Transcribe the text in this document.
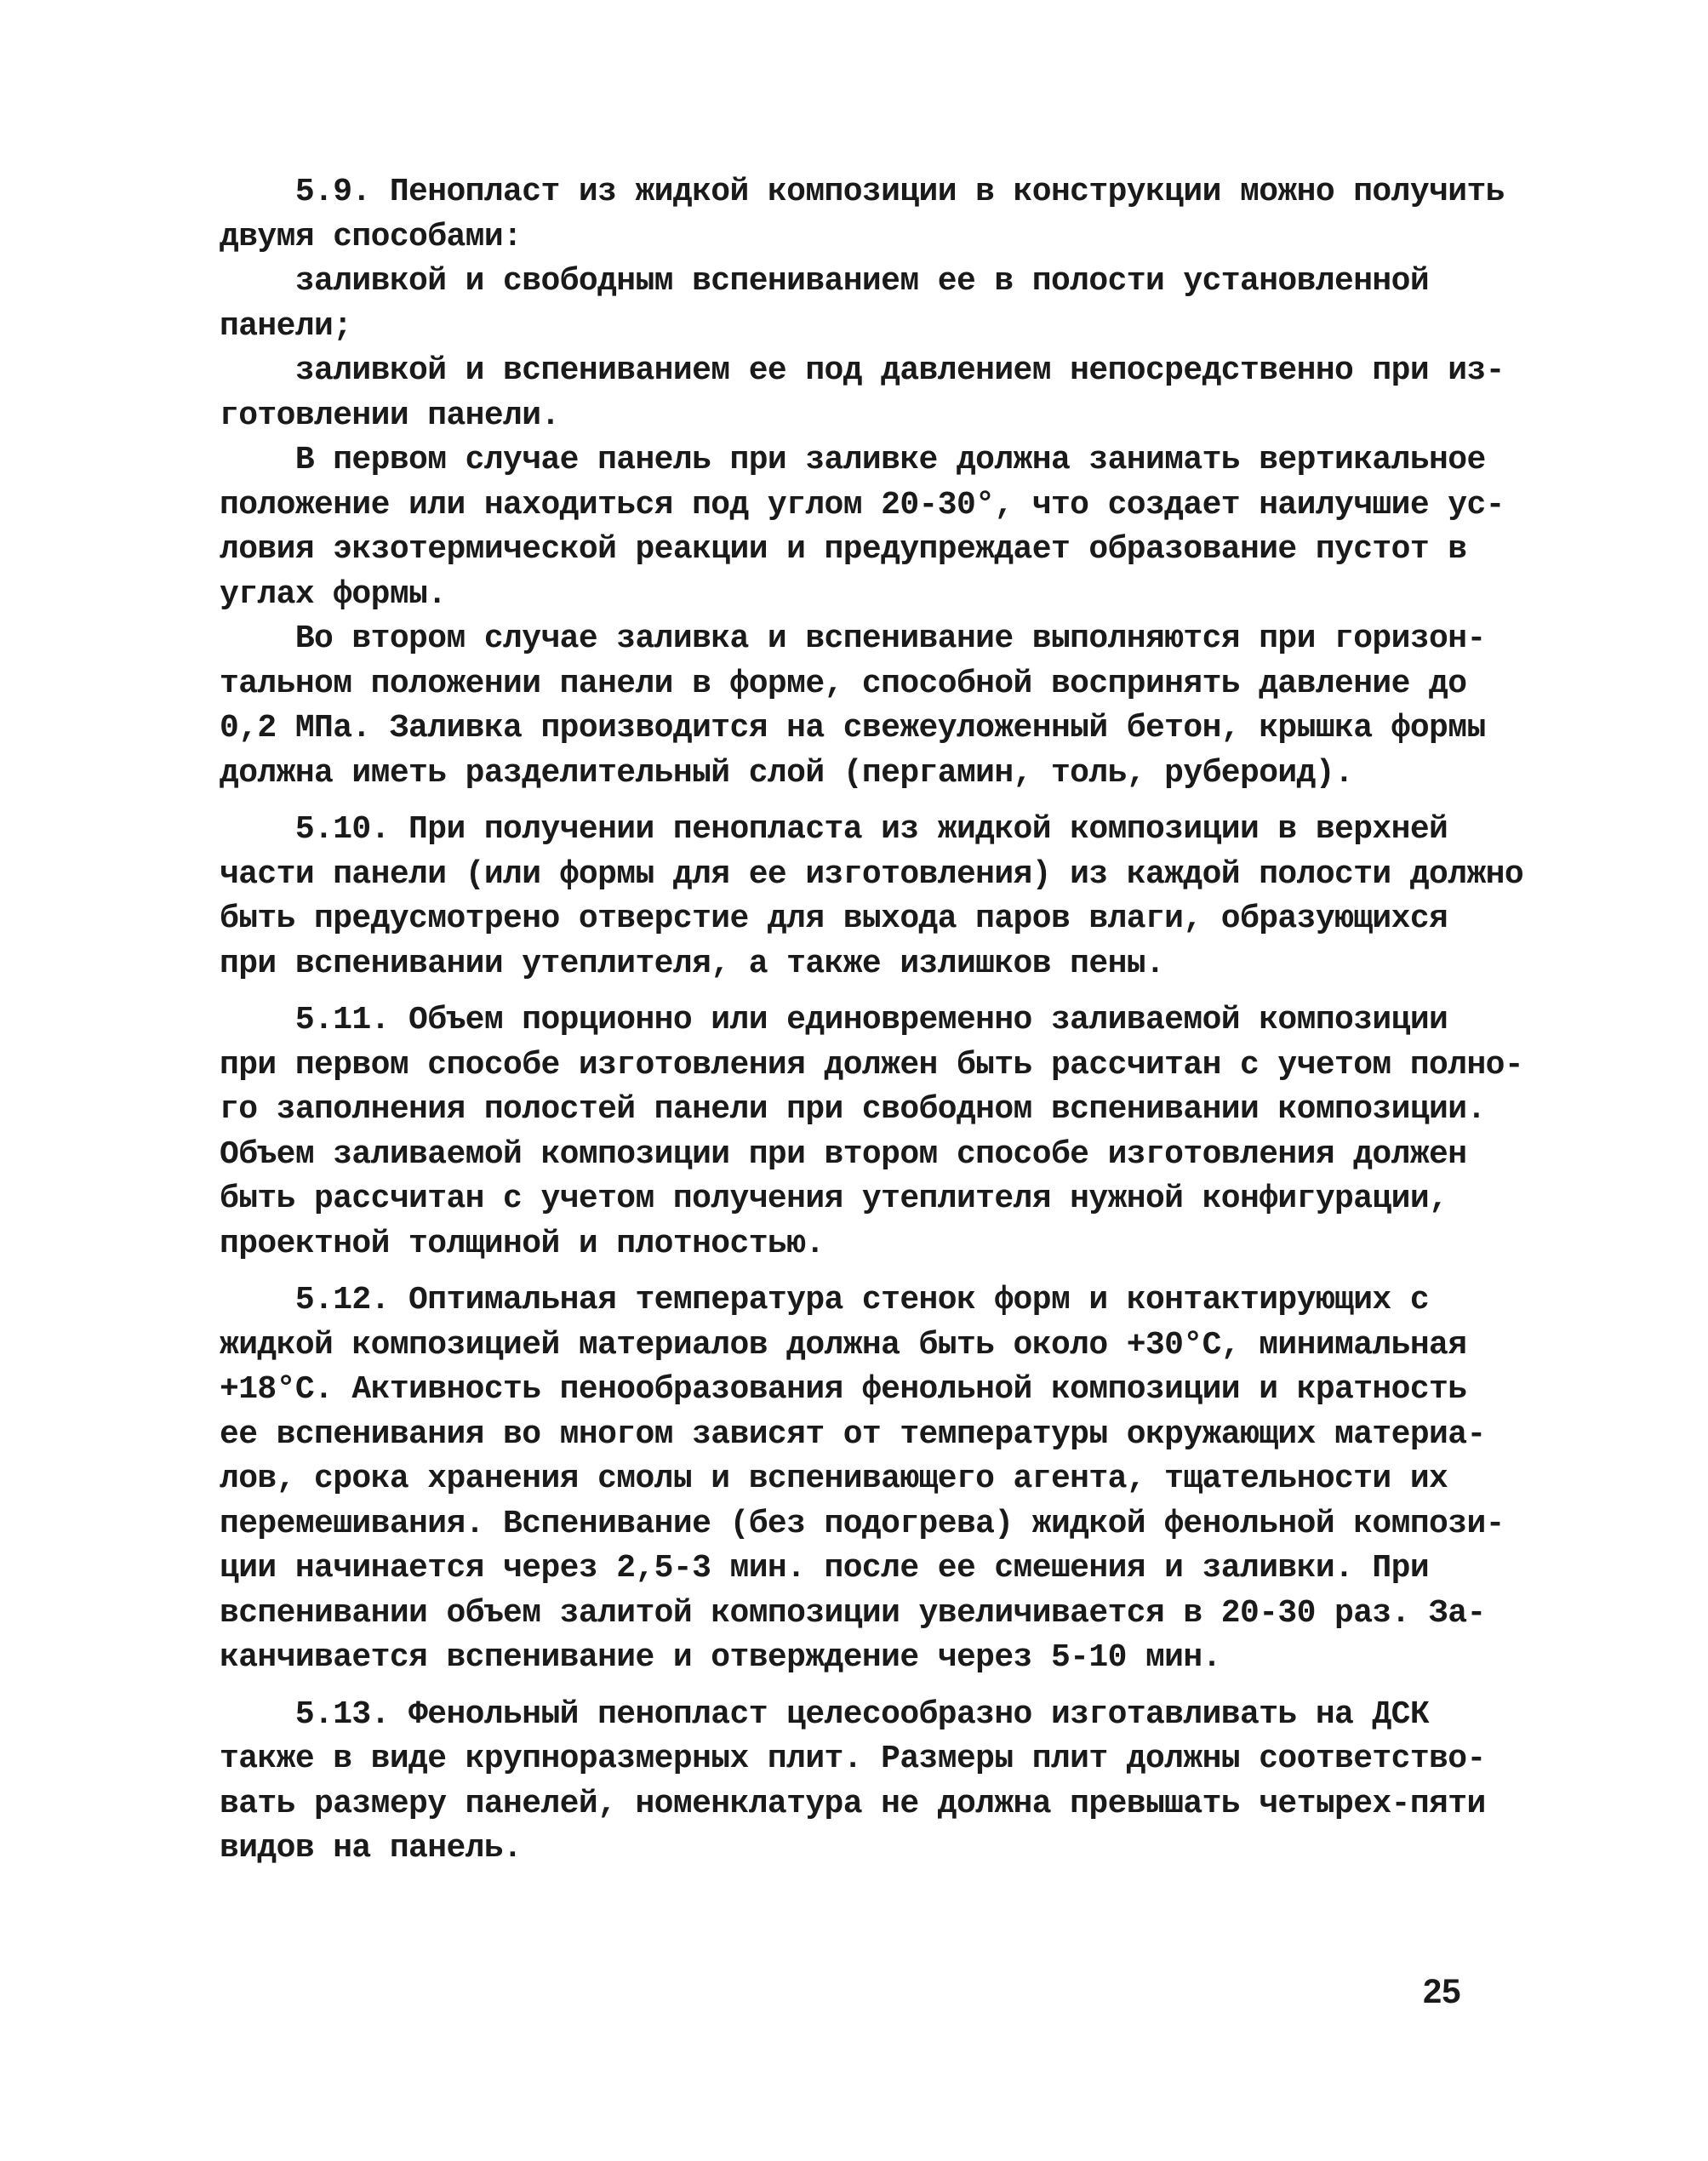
5.9. Пенопласт из жидкой композиции в конструкции можно получить
двумя способами:
заливкой и свободным вспениванием ее в полости установленной
панели;
заливкой и вспениванием ее под давлением непосредственно при из-
готовлении панели.
В первом случае панель при заливке должна занимать вертикальное
положение или находиться под углом 20-30°, что создает наилучшие ус-
ловия экзотермической реакции и предупреждает образование пустот в
углах формы.
Во втором случае заливка и вспенивание выполняются при горизон-
тальном положении панели в форме, способной воспринять давление до
0,2 МПа. Заливка производится на свежеуложенный бетон, крышка формы
должна иметь разделительный слой (пергамин, толь, рубероид).
5.10. При получении пенопласта из жидкой композиции в верхней
части панели (или формы для ее изготовления) из каждой полости должно
быть предусмотрено отверстие для выхода паров влаги, образующихся
при вспенивании утеплителя, а также излишков пены.
5.11. Объем порционно или единовременно заливаемой композиции
при первом способе изготовления должен быть рассчитан с учетом полно-
го заполнения полостей панели при свободном вспенивании композиции.
Объем заливаемой композиции при втором способе изготовления должен
быть рассчитан с учетом получения утеплителя нужной конфигурации,
проектной толщиной и плотностью.
5.12. Оптимальная температура стенок форм и контактирующих с
жидкой композицией материалов должна быть около +30°С, минимальная
+18°С. Активность пенообразования фенольной композиции и кратность
ее вспенивания во многом зависят от температуры окружающих материа-
лов, срока хранения смолы и вспенивающего агента, тщательности их
перемешивания. Вспенивание (без подогрева) жидкой фенольной компози-
ции начинается через 2,5-3 мин. после ее смешения и заливки. При
вспенивании объем залитой композиции увеличивается в 20-30 раз. За-
канчивается вспенивание и отверждение через 5-10 мин.
5.13. Фенольный пенопласт целесообразно изготавливать на ДСК
также в виде крупноразмерных плит. Размеры плит должны соответство-
вать размеру панелей, номенклатура не должна превышать четырех-пяти
видов на панель.
25
